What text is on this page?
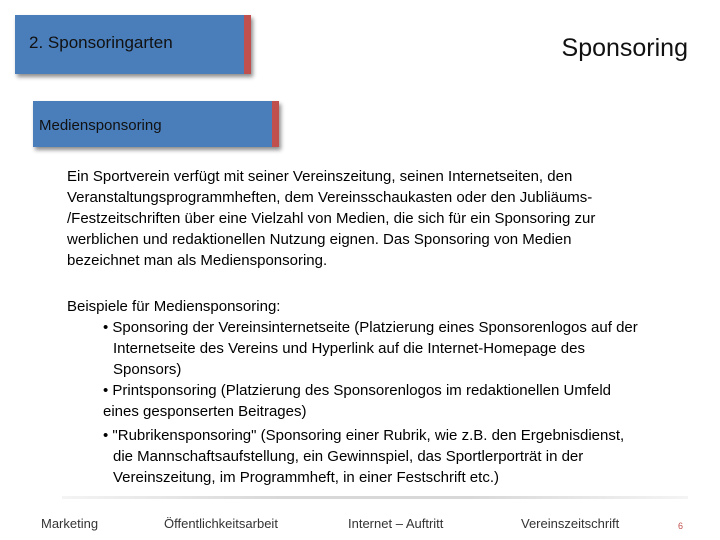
2. Sponsoringarten	Sponsoring
Mediensponsoring

Ein Sportverein verfügt mit seiner Vereinszeitung, seinen Internetseiten, den
Veranstaltungsprogrammheften, dem Vereinsschaukasten oder den Jubliäums-
/Festzeitschriften über eine Vielzahl von Medien, die sich für ein Sponsoring zur
werblichen und redaktionellen Nutzung eignen. Das Sponsoring von Medien
bezeichnet man als Mediensponsoring.

Beispiele für Mediensponsoring:

• Sponsoring der Vereinsinternetseite (Platzierung eines Sponsorenlogos auf der
Internetseite des Vereins und Hyperlink auf die Internet-Homepage des
Sponsors)

• Printsponsoring (Platzierung des Sponsorenlogos im redaktionellen Umfeld
eines gesponserten Beitrages)

• "Rubrikensponsoring" (Sponsoring einer Rubrik, wie z.B. den Ergebnisdienst,
die Mannschaftsaufstellung, ein Gewinnspiel, das Sportlerporträt in der
Vereinszeitung, im Programmheft, in einer Festschrift etc.)

Marketing	Öffentlichkeitsarbeit	Internet – Auftritt	Vereinszeitschrift	6
